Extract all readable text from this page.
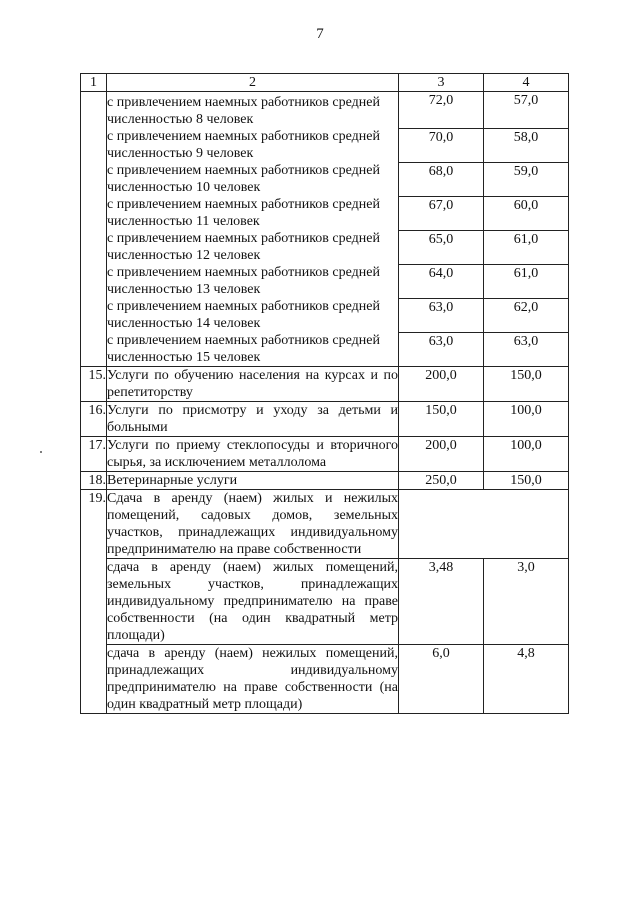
7
1	2	3	4
	с привлечением наемных работников средней численностью 8 человек	72,0	57,0
	с привлечением наемных работников средней численностью 9 человек	70,0	58,0
	с привлечением наемных работников средней численностью 10 человек	68,0	59,0
	с привлечением наемных работников средней численностью 11 человек	67,0	60,0
	с привлечением наемных работников средней численностью 12 человек	65,0	61,0
	с привлечением наемных работников средней численностью 13 человек	64,0	61,0
	с привлечением наемных работников средней численностью 14 человек	63,0	62,0
	с привлечением наемных работников средней численностью 15 человек	63,0	63,0
15.	Услуги по обучению населения на курсах и по репетиторству	200,0	150,0
16.	Услуги по присмотру и уходу за детьми и больными	150,0	100,0
17.	Услуги по приему стеклопосуды и вторичного сырья, за исключением металлолома	200,0	100,0
18.	Ветеринарные услуги	250,0	150,0
19.	Сдача в аренду (наем) жилых и нежилых помещений, садовых домов, земельных участков, принадлежащих индивидуальному предпринимателю на праве собственности		
	сдача в аренду (наем) жилых помещений, земельных участков, принадлежащих индивидуальному предпринимателю на праве собственности (на один квадратный метр площади)	3,48	3,0
	сдача в аренду (наем) нежилых помещений, принадлежащих индивидуальному предпринимателю на праве собственности (на один квадратный метр площади)	6,0	4,8
